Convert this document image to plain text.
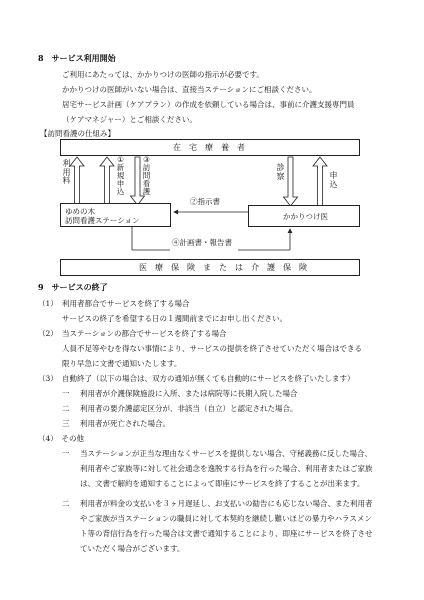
8　サービス利用開始
ご利用にあたっては、かかりつけの医師の指示が必要です。
かかりつけの医師がいない場合は、直接当ステーションにご相談ください。
居宅サービス計画（ケアプラン）の作成を依頼している場合は、事前に介護支援専門員
（ケアマネジャー）とご相談ください。
【訪問看護の仕組み】
在　宅　療　養　者
利
用
料
①
新
規
申
込
③
訪
問
看
護
診
察	申
込
②指示書
ゆめの木
訪問看護ステーション	かかりつけ医
④計画書・報告書
医　療　保　険　ま　た　は　介　護　保　険
9　サービスの終了
（1） 利用者都合でサービスを終了する場合
サービスの終了を希望する日の１週間前までにお申し出ください。
（2） 当ステーションの都合でサービスを終了する場合
人員不足等やむを得ない事情により、サービスの提供を終了させていただく場合はできる
限り早急に文書で通知いたします。
（3） 自動終了（以下の場合は、双方の通知が無くても自動的にサービスを終了いたします）
一 利用者が介護保険施設に入所、または病院等に長期入院した場合
二 利用者の要介護認定区分が、非該当（自立）と認定された場合。
三 利用者が死亡された場合。
（4）　その他
一 当ステーションが正当な理由なくサービスを提供しない場合、守秘義務に反した場合、
利用者やご家族等に対して社会通念を逸脱する行為を行った場合、利用者またはご家族
は、文書で解約を通知することによって即座にサービスを終了することが出来ます。
二 利用者が料金の支払いを３ヶ月遅延し、お支払いの勧告にも応じない場合、また利用者
やご家族が当ステーションの職員に対して本契約を継続し難いほどの暴力やハラスメン
ト等の背信行為を行った場合は文書で通知することにより、即座にサービスを終了させ
ていただく場合がございます。
